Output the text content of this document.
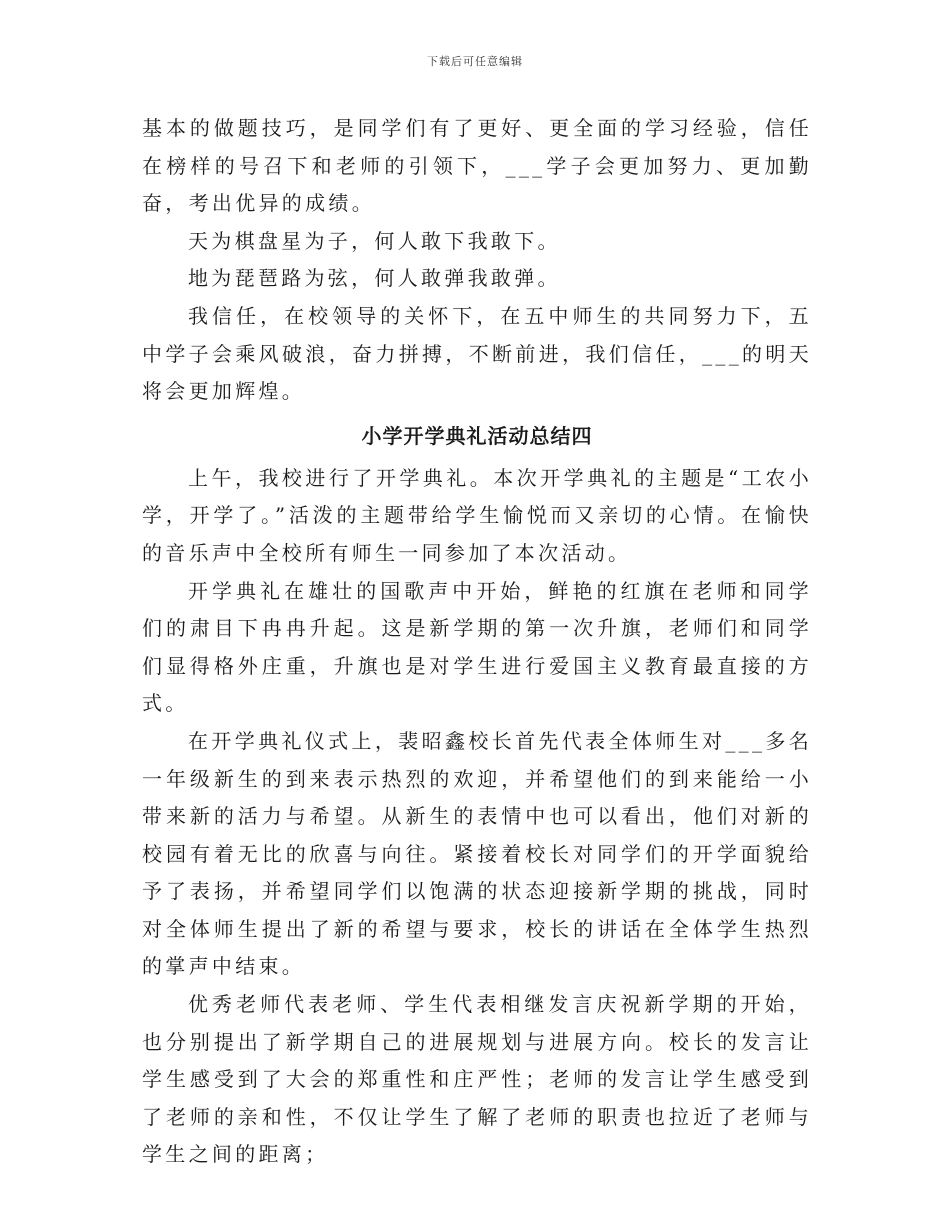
下载后可任意编辑

基本的做题技巧，是同学们有了更好、更全面的学习经验，信任在榜样的号召下和老师的引领下，___学子会更加努力、更加勤奋，考出优异的成绩。

天为棋盘星为子，何人敢下我敢下。

地为琵琶路为弦，何人敢弹我敢弹。

我信任，在校领导的关怀下，在五中师生的共同努力下，五中学子会乘风破浪，奋力拼搏，不断前进，我们信任，___的明天将会更加辉煌。

小学开学典礼活动总结四

上午，我校进行了开学典礼。本次开学典礼的主题是“工农小学，开学了。”活泼的主题带给学生愉悦而又亲切的心情。在愉快的音乐声中全校所有师生一同参加了本次活动。

开学典礼在雄壮的国歌声中开始，鲜艳的红旗在老师和同学们的肃目下冉冉升起。这是新学期的第一次升旗，老师们和同学们显得格外庄重，升旗也是对学生进行爱国主义教育最直接的方式。

在开学典礼仪式上，裴昭鑫校长首先代表全体师生对___多名一年级新生的到来表示热烈的欢迎，并希望他们的到来能给一小带来新的活力与希望。从新生的表情中也可以看出，他们对新的校园有着无比的欣喜与向往。紧接着校长对同学们的开学面貌给予了表扬，并希望同学们以饱满的状态迎接新学期的挑战，同时对全体师生提出了新的希望与要求，校长的讲话在全体学生热烈的掌声中结束。

优秀老师代表老师、学生代表相继发言庆祝新学期的开始，也分别提出了新学期自己的进展规划与进展方向。校长的发言让学生感受到了大会的郑重性和庄严性；老师的发言让学生感受到了老师的亲和性，不仅让学生了解了老师的职责也拉近了老师与学生之间的距离；
